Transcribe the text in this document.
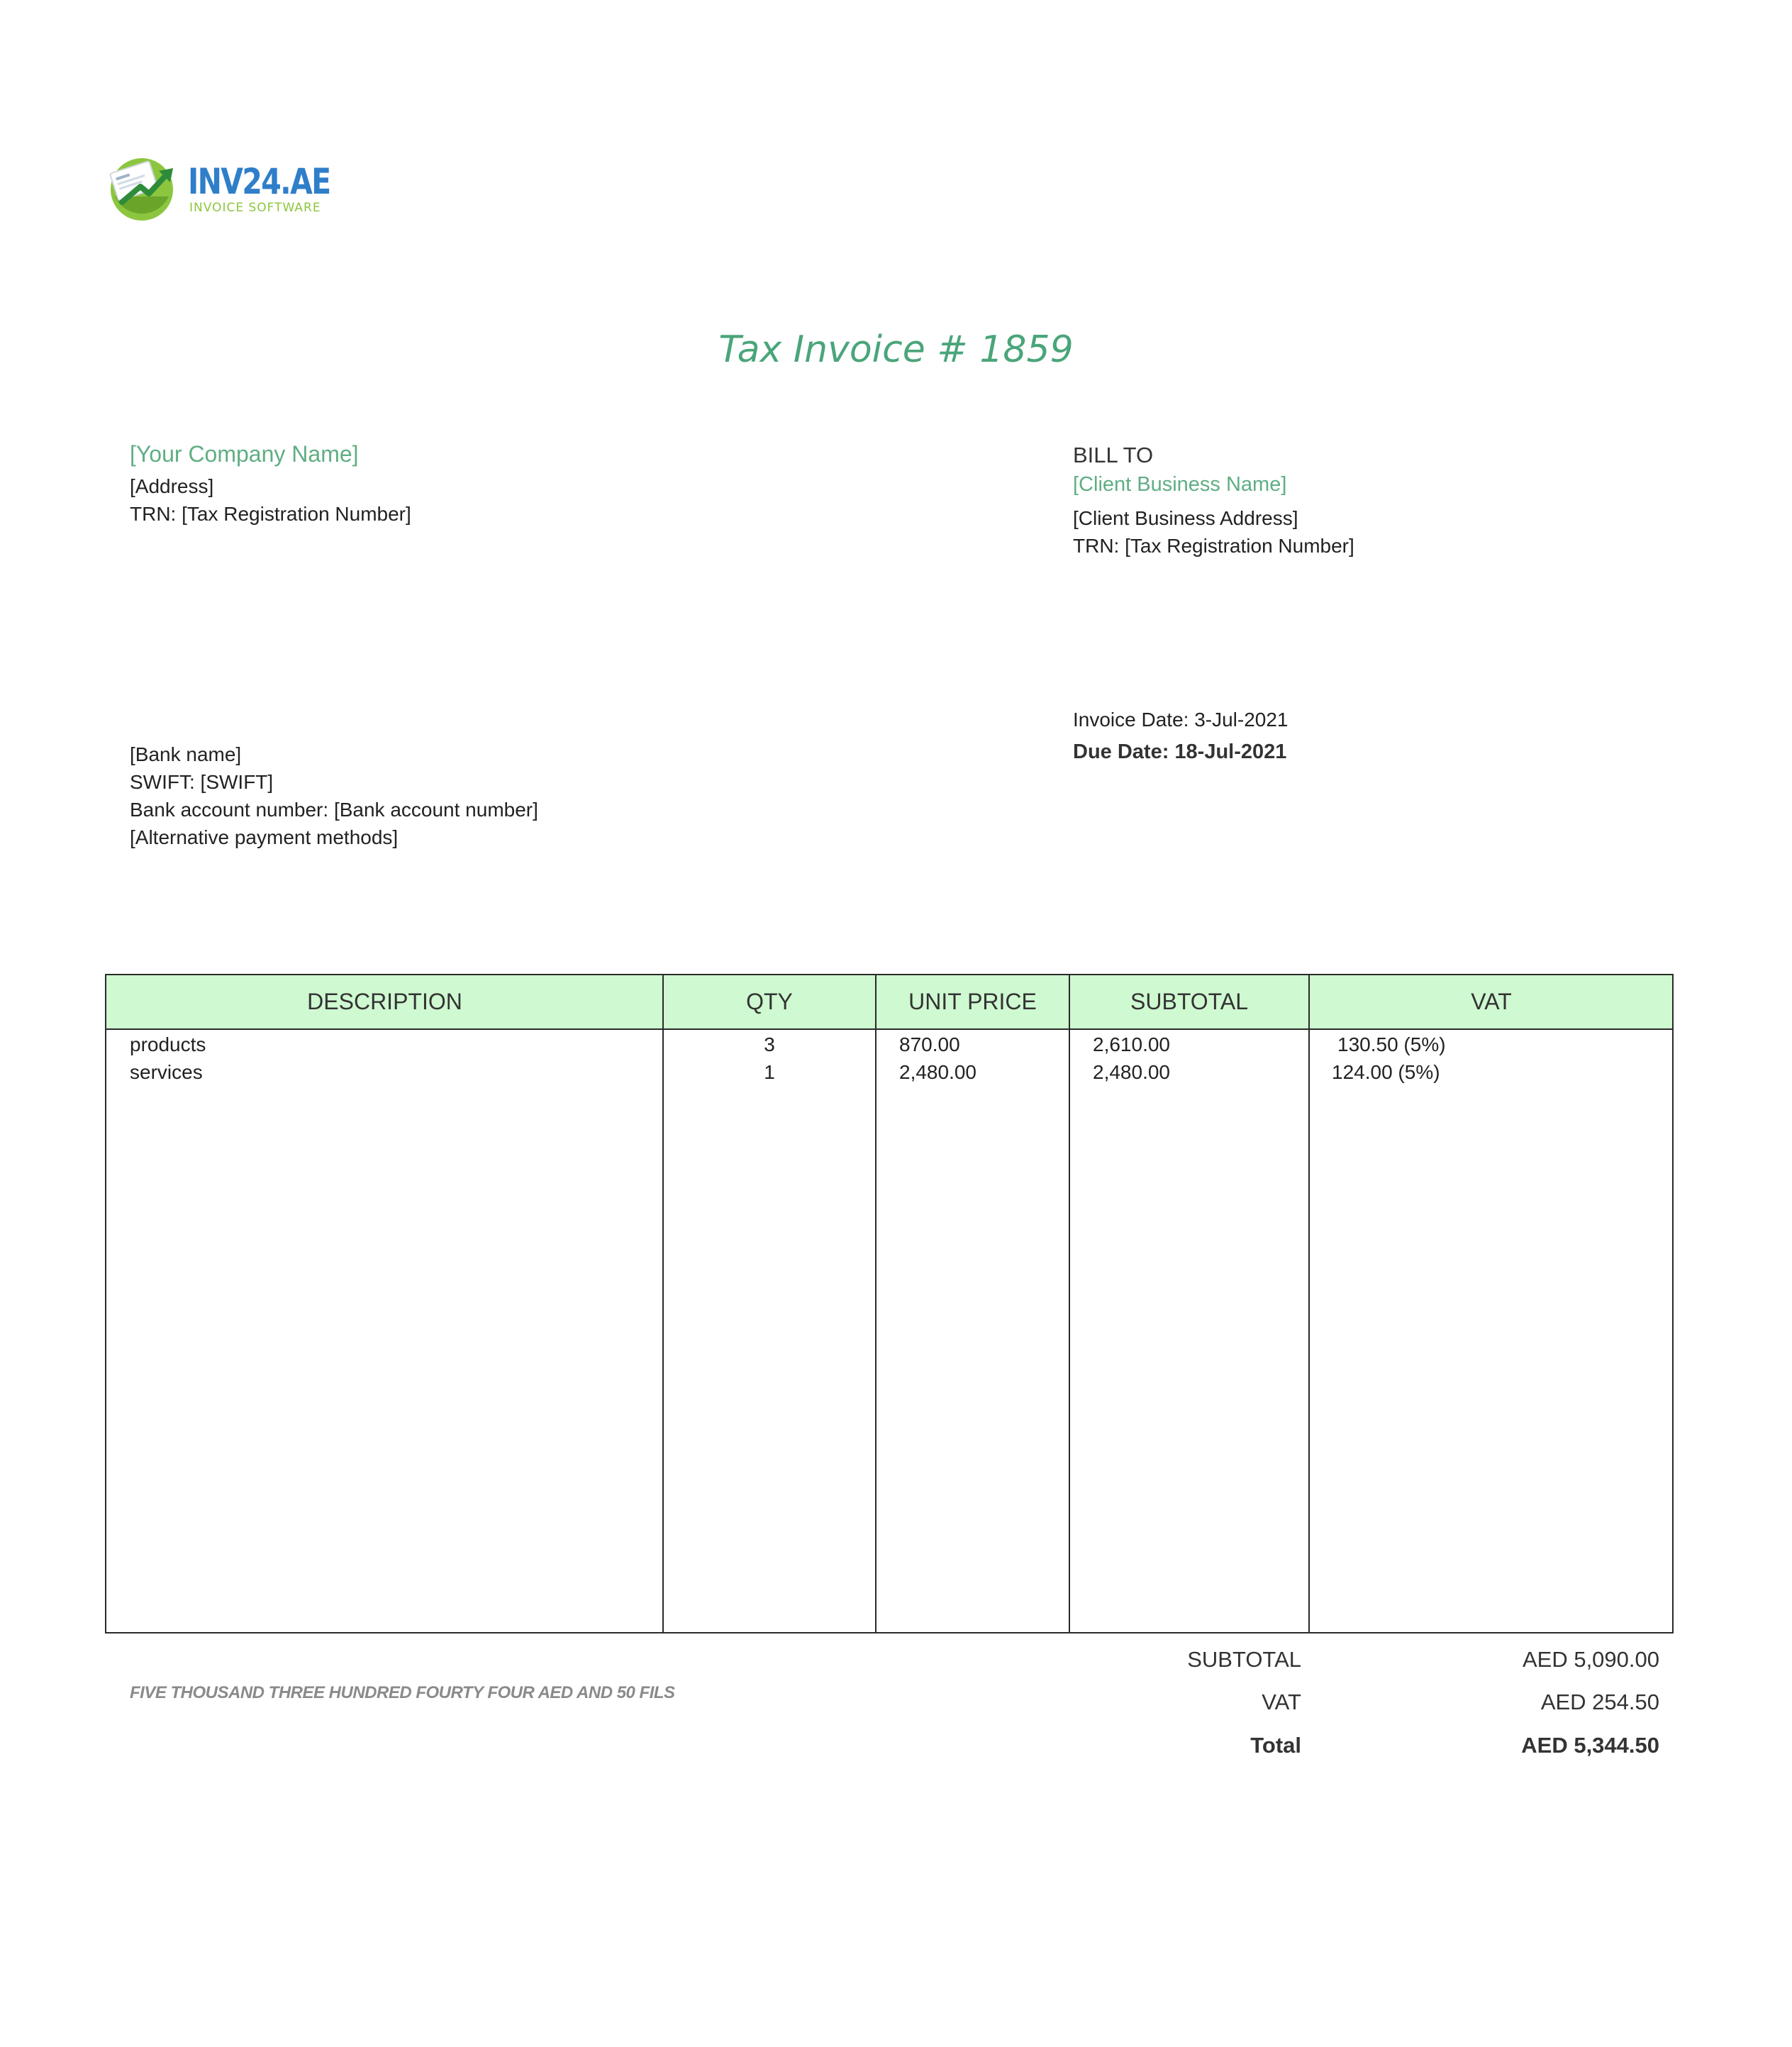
INV24.AE
INVOICE SOFTWARE
Tax Invoice # 1859
[Your Company Name]
[Address]
TRN: [Tax Registration Number]
BILL TO
[Client Business Name]
[Client Business Address]
TRN: [Tax Registration Number]
Invoice Date: 3-Jul-2021
Due Date: 18-Jul-2021
[Bank name]
SWIFT: [SWIFT]
Bank account number: [Bank account number]
[Alternative payment methods]
DESCRIPTION	QTY	UNIT PRICE	SUBTOTAL	VAT
products	3	870.00	2,610.00	130.50 (5%)
services	1	2,480.00	2,480.00	124.00 (5%)
FIVE THOUSAND THREE HUNDRED FOURTY FOUR AED AND 50 FILS
SUBTOTAL	AED 5,090.00
VAT	AED 254.50
Total	AED 5,344.50
